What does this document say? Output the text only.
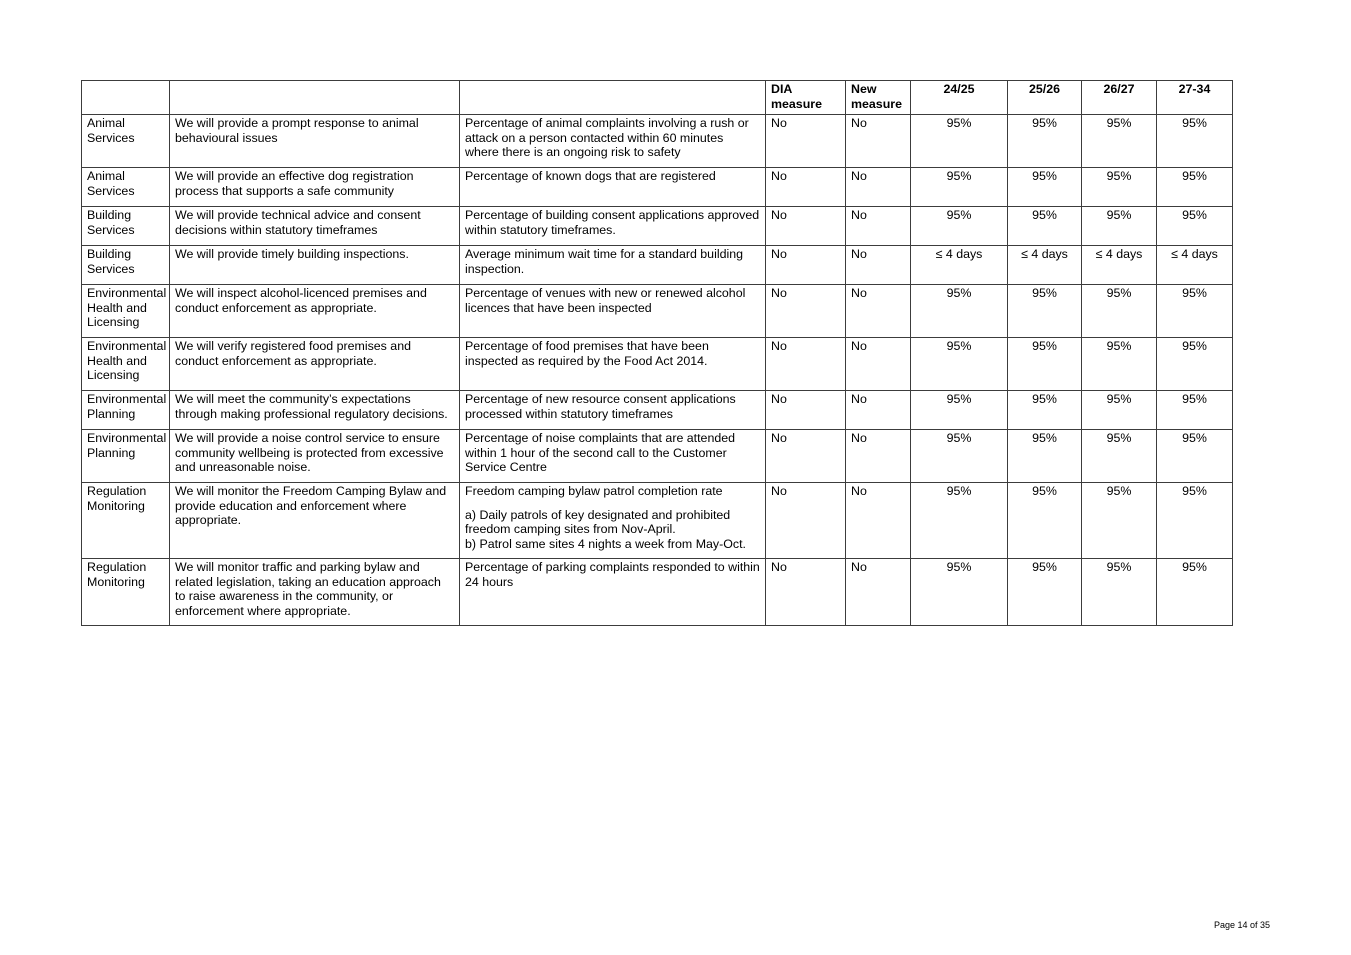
			DIA measure	New measure	24/25	25/26	26/27	27-34
Animal Services	We will provide a prompt response to animal behavioural issues	Percentage of animal complaints involving a rush or attack on a person contacted within 60 minutes where there is an ongoing risk to safety	No	No	95%	95%	95%	95%
Animal Services	We will provide an effective dog registration process that supports a safe community	Percentage of known dogs that are registered	No	No	95%	95%	95%	95%
Building Services	We will provide technical advice and consent decisions within statutory timeframes	Percentage of building consent applications approved within statutory timeframes.	No	No	95%	95%	95%	95%
Building Services	We will provide timely building inspections.	Average minimum wait time for a standard building inspection.	No	No	≤ 4 days	≤ 4 days	≤ 4 days	≤ 4 days
Environmental Health and Licensing	We will inspect alcohol-licenced premises and conduct enforcement as appropriate.	Percentage of venues with new or renewed alcohol licences that have been inspected	No	No	95%	95%	95%	95%
Environmental Health and Licensing	We will verify registered food premises and conduct enforcement as appropriate.	Percentage of food premises that have been inspected as required by the Food Act 2014.	No	No	95%	95%	95%	95%
Environmental Planning	We will meet the community’s expectations through making professional regulatory decisions.	Percentage of new resource consent applications processed within statutory timeframes	No	No	95%	95%	95%	95%
Environmental Planning	We will provide a noise control service to ensure community wellbeing is protected from excessive and unreasonable noise.	Percentage of noise complaints that are attended within 1 hour of the second call to the Customer Service Centre	No	No	95%	95%	95%	95%
Regulation Monitoring	We will monitor the Freedom Camping Bylaw and provide education and enforcement where appropriate.	Freedom camping bylaw patrol completion rate
a) Daily patrols of key designated and prohibited freedom camping sites from Nov-April.
b) Patrol same sites 4 nights a week from May-Oct.	No	No	95%	95%	95%	95%
Regulation Monitoring	We will monitor traffic and parking bylaw and related legislation, taking an education approach to raise awareness in the community, or enforcement where appropriate.	Percentage of parking complaints responded to within 24 hours	No	No	95%	95%	95%	95%
Page 14 of 35
